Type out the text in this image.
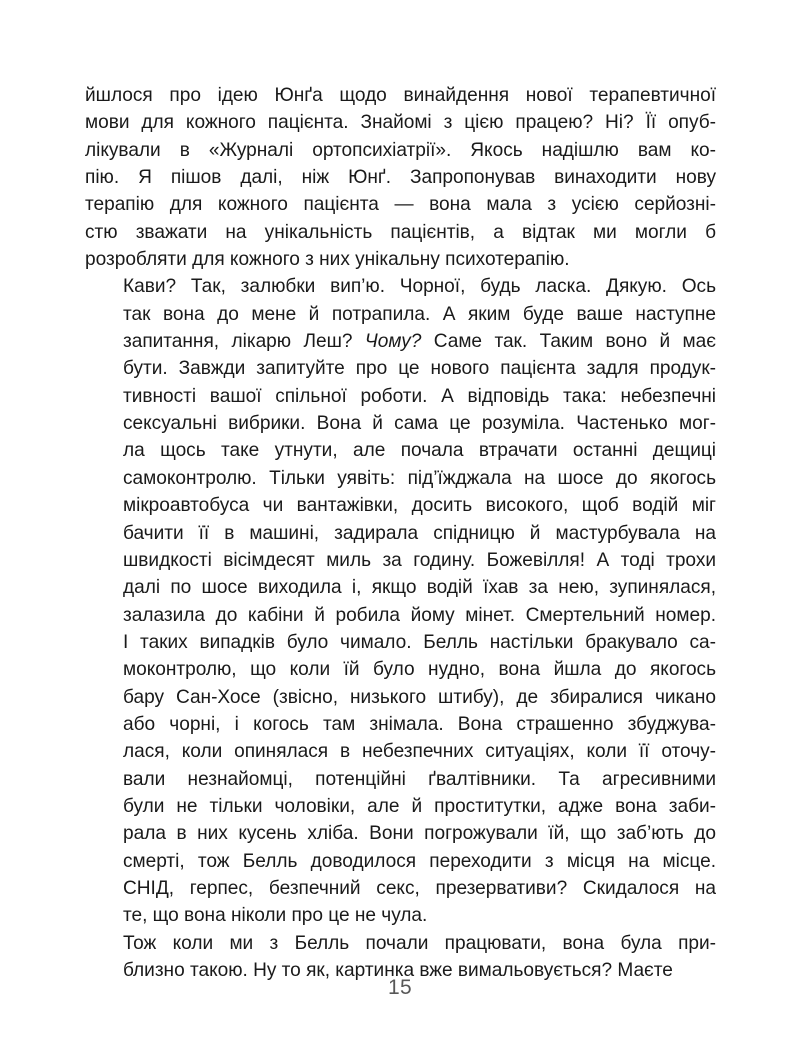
йшлося про ідею Юнґа щодо винайдення нової терапевтичної
мови для кожного пацієнта. Знайомі з цією працею? Ні? Її опуб-
лікували в «Журналі ортопсихіатрії». Якось надішлю вам ко-
пію. Я пішов далі, ніж Юнґ. Запропонував винаходити нову
терапію для кожного пацієнта — вона мала з усією серйозні-
стю зважати на унікальність пацієнтів, а відтак ми могли б
розробляти для кожного з них унікальну психотерапію.

Кави? Так, залюбки вип’ю. Чорної, будь ласка. Дякую. Ось
так вона до мене й потрапила. А яким буде ваше наступне
запитання, лікарю Леш? Чому? Саме так. Таким воно й має
бути. Завжди запитуйте про це нового пацієнта задля продук-
тивності вашої спільної роботи. А відповідь така: небезпечні
сексуальні вибрики. Вона й сама це розуміла. Частенько мог-
ла щось таке утнути, але почала втрачати останні дещиці
самоконтролю. Тільки уявіть: під’їжджала на шосе до якогось
мікроавтобуса чи вантажівки, досить високого, щоб водій міг
бачити її в машині, задирала спідницю й мастурбувала на
швидкості вісімдесят миль за годину. Божевілля! А тоді трохи
далі по шосе виходила і, якщо водій їхав за нею, зупинялася,
залазила до кабіни й робила йому мінет. Смертельний номер.
І таких випадків було чимало. Белль настільки бракувало са-
моконтролю, що коли їй було нудно, вона йшла до якогось
бару Сан-Хосе (звісно, низького штибу), де збиралися чикано
або чорні, і когось там знімала. Вона страшенно збуджува-
лася, коли опинялася в небезпечних ситуаціях, коли її оточу-
вали незнайомці, потенційні ґвалтівники. Та агресивними
були не тільки чоловіки, але й проститутки, адже вона заби-
рала в них кусень хліба. Вони погрожували їй, що заб’ють до
смерті, тож Белль доводилося переходити з місця на місце.
СНІД, герпес, безпечний секс, презервативи? Скидалося на
те, що вона ніколи про це не чула.

Тож коли ми з Белль почали працювати, вона була при-
близно такою. Ну то як, картинка вже вимальовується? Маєте

15
